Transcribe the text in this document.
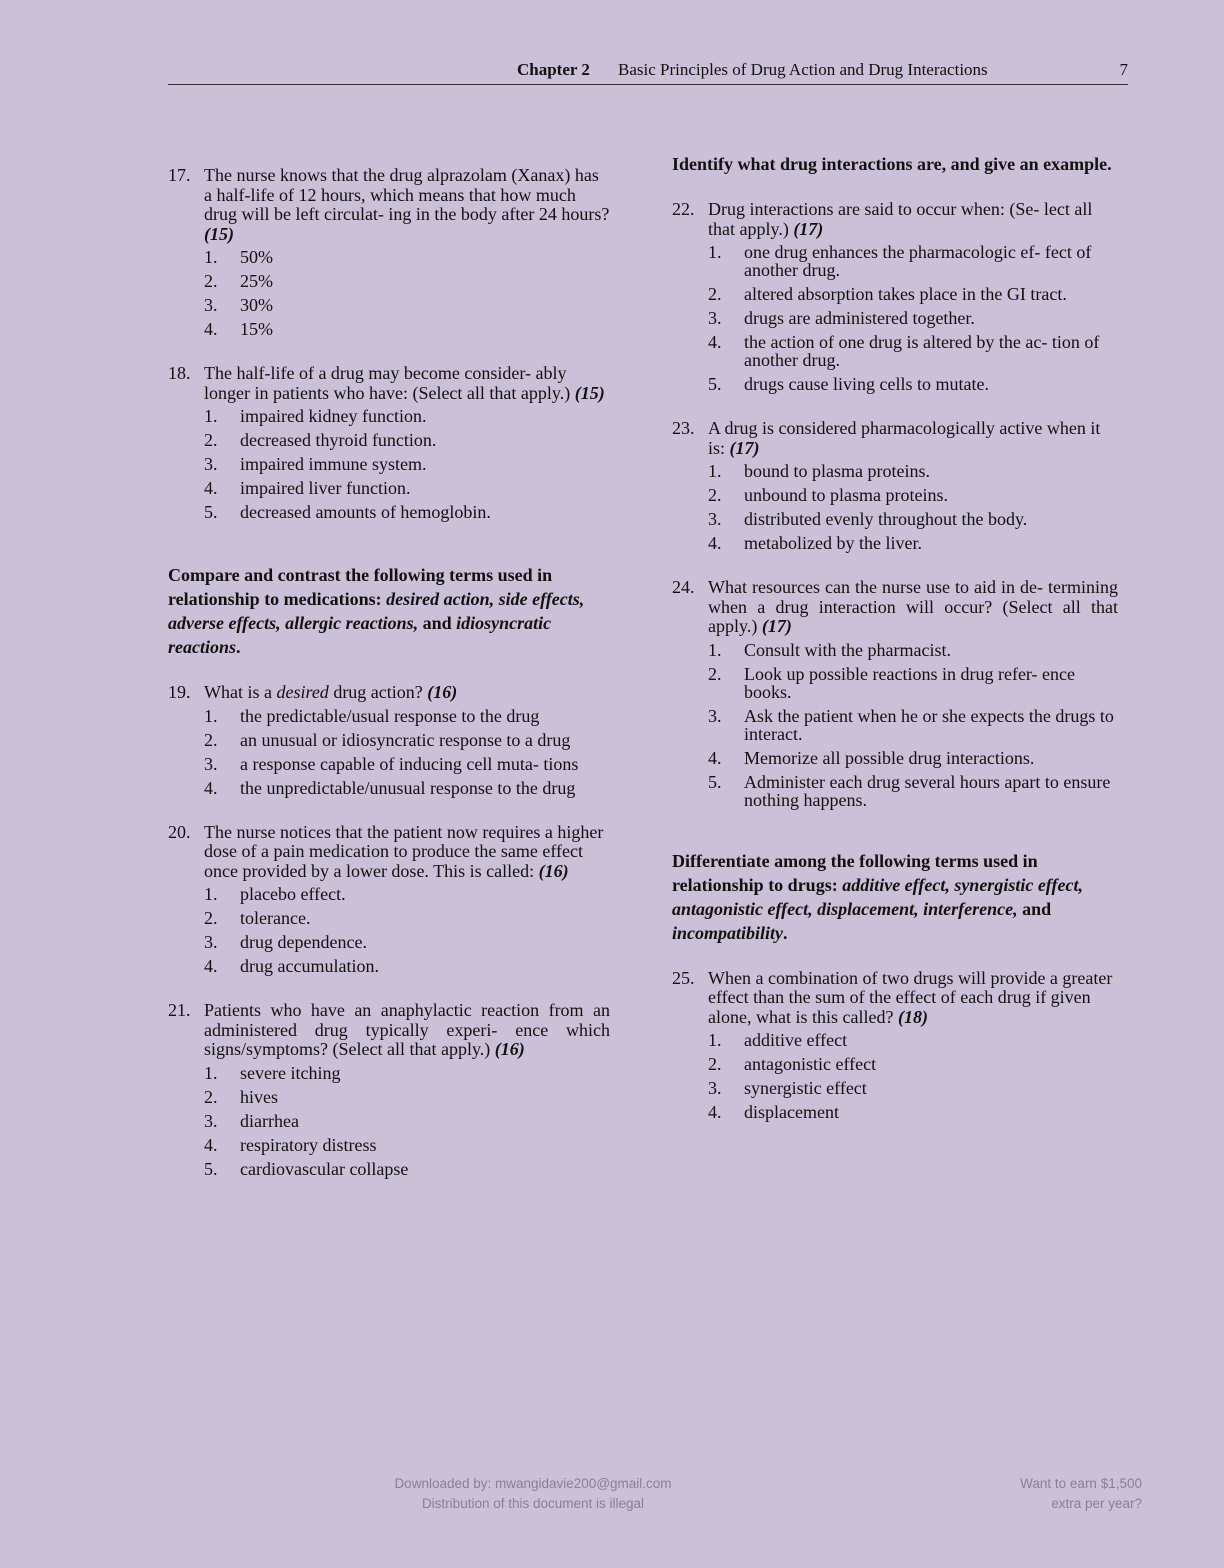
Chapter 2 Basic Principles of Drug Action and Drug Interactions	7
17. The nurse knows that the drug alprazolam (Xanax) has a half-life of 12 hours, which means that how much drug will be left circulat- ing in the body after 24 hours? (15)
1. 50%
2. 25%
3. 30%
4. 15%
18. The half-life of a drug may become consider- ably longer in patients who have: (Select all that apply.) (15)
1. impaired kidney function.
2. decreased thyroid function.
3. impaired immune system.
4. impaired liver function.
5. decreased amounts of hemoglobin.
Compare and contrast the following terms used in relationship to medications: desired action, side effects, adverse effects, allergic reactions, and idiosyncratic reactions.
19. What is a desired drug action? (16)
1. the predictable/usual response to the drug
2. an unusual or idiosyncratic response to a drug
3. a response capable of inducing cell muta- tions
4. the unpredictable/unusual response to the drug
20. The nurse notices that the patient now requires a higher dose of a pain medication to produce the same effect once provided by a lower dose. This is called: (16)
1. placebo effect.
2. tolerance.
3. drug dependence.
4. drug accumulation.
21. Patients who have an anaphylactic reaction from an administered drug typically experi- ence which signs/symptoms? (Select all that apply.) (16)
1. severe itching
2. hives
3. diarrhea
4. respiratory distress
5. cardiovascular collapse
Identify what drug interactions are, and give an example.
22. Drug interactions are said to occur when: (Se- lect all that apply.) (17)
1. one drug enhances the pharmacologic ef- fect of another drug.
2. altered absorption takes place in the GI tract.
3. drugs are administered together.
4. the action of one drug is altered by the ac- tion of another drug.
5. drugs cause living cells to mutate.
23. A drug is considered pharmacologically active when it is: (17)
1. bound to plasma proteins.
2. unbound to plasma proteins.
3. distributed evenly throughout the body.
4. metabolized by the liver.
24. What resources can the nurse use to aid in de- termining when a drug interaction will occur? (Select all that apply.) (17)
1. Consult with the pharmacist.
2. Look up possible reactions in drug refer- ence books.
3. Ask the patient when he or she expects the drugs to interact.
4. Memorize all possible drug interactions.
5. Administer each drug several hours apart to ensure nothing happens.
Differentiate among the following terms used in relationship to drugs: additive effect, synergistic effect, antagonistic effect, displacement, interference, and incompatibility.
25. When a combination of two drugs will provide a greater effect than the sum of the effect of each drug if given alone, what is this called? (18)
1. additive effect
2. antagonistic effect
3. synergistic effect
4. displacement
Downloaded by: mwangidavie200@gmail.com
Distribution of this document is illegal
Want to earn $1,500
extra per year?
